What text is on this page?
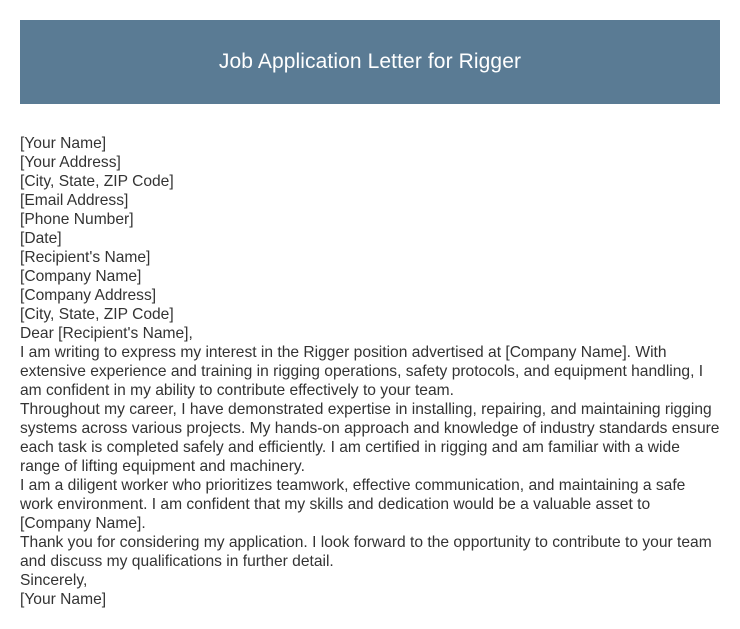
Job Application Letter for Rigger
[Your Name]
[Your Address]
[City, State, ZIP Code]
[Email Address]
[Phone Number]
[Date]
[Recipient's Name]
[Company Name]
[Company Address]
[City, State, ZIP Code]
Dear [Recipient's Name],
I am writing to express my interest in the Rigger position advertised at [Company Name]. With extensive experience and training in rigging operations, safety protocols, and equipment handling, I am confident in my ability to contribute effectively to your team.
Throughout my career, I have demonstrated expertise in installing, repairing, and maintaining rigging systems across various projects. My hands-on approach and knowledge of industry standards ensure each task is completed safely and efficiently. I am certified in rigging and am familiar with a wide range of lifting equipment and machinery.
I am a diligent worker who prioritizes teamwork, effective communication, and maintaining a safe work environment. I am confident that my skills and dedication would be a valuable asset to [Company Name].
Thank you for considering my application. I look forward to the opportunity to contribute to your team and discuss my qualifications in further detail.
Sincerely,
[Your Name]
